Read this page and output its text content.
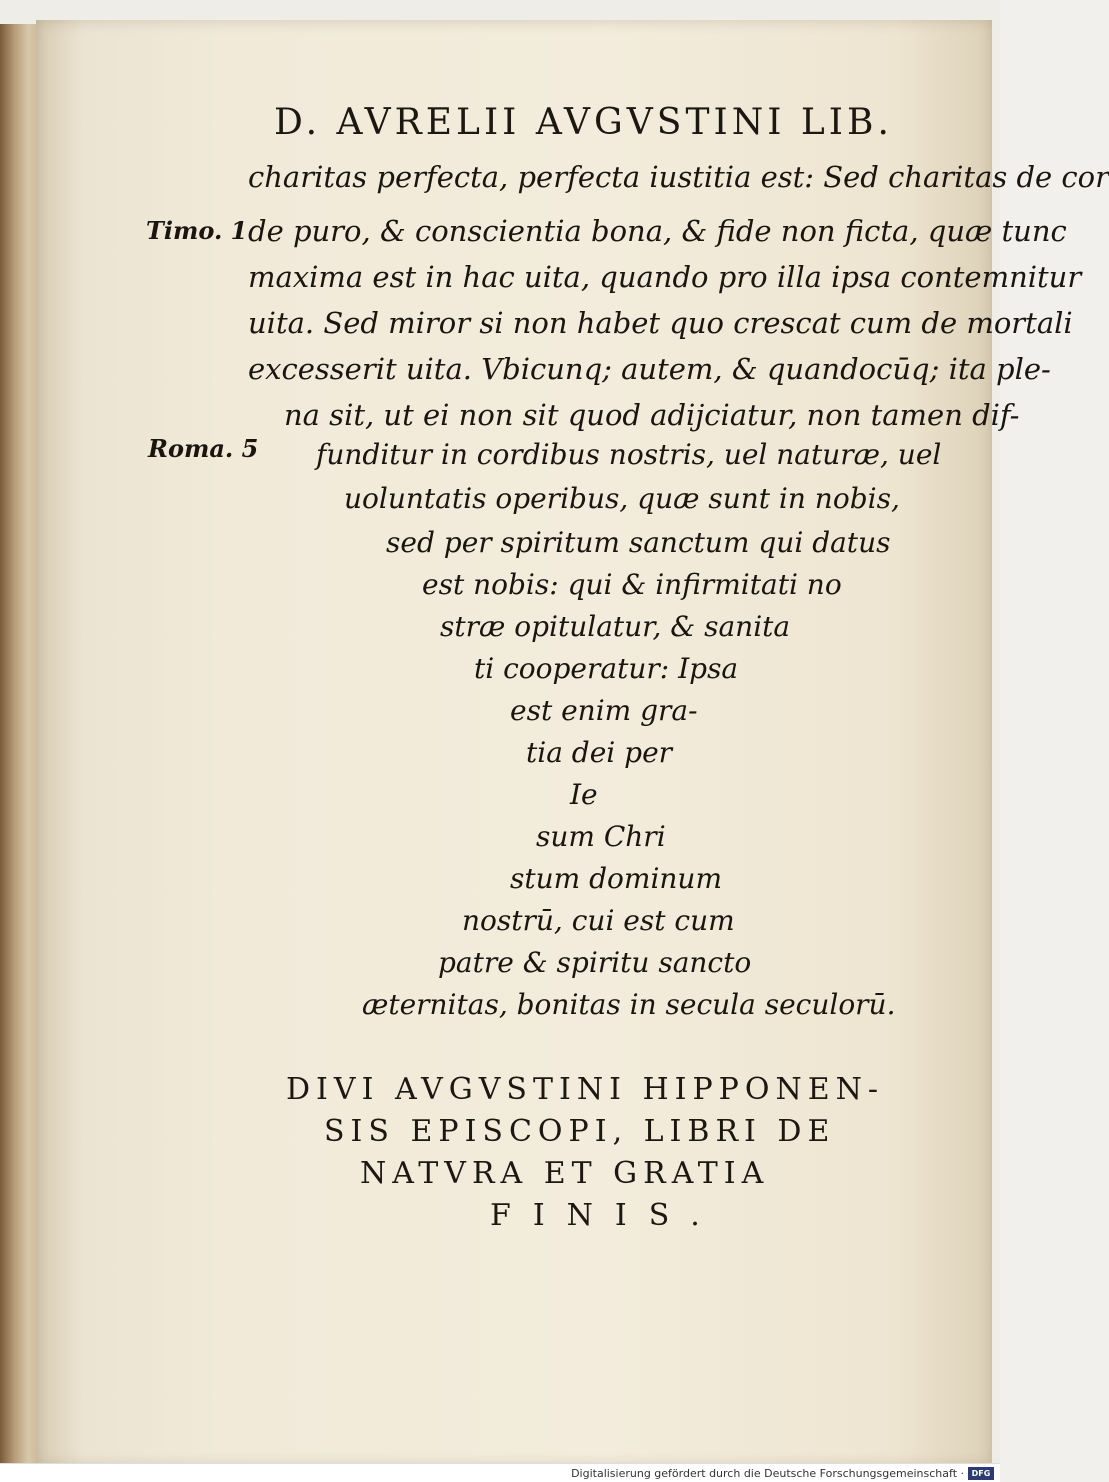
D. AVRELII AVGVSTINI LIB.
Timo. 1
Roma. 5
charitas perfecta, perfecta iustitia est: Sed charitas de cor
de puro, & conscientia bona, & fide non ficta, quæ tunc
maxima est in hac uita, quando pro illa ipsa contemnitur
uita. Sed miror si non habet quo crescat cum de mortali
excesserit uita. Vbicunq; autem, & quandocūq; ita ple-
na sit, ut ei non sit quod adijciatur, non tamen dif-
funditur in cordibus nostris, uel naturæ, uel
uoluntatis operibus, quæ sunt in nobis,
sed per spiritum sanctum qui datus
est nobis: qui & infirmitati no
stræ opitulatur, & sanita
ti cooperatur: Ipsa
est enim gra-
tia dei per
Ie
sum Chri
stum dominum
nostrū, cui est cum
patre & spiritu sancto
æternitas, bonitas in secula seculorū.
DIVI AVGVSTINI HIPPONEN-
SIS EPISCOPI, LIBRI DE
NATVRA ET GRATIA
FINIS.
Digitalisierung gefördert durch die Deutsche Forschungsgemeinschaft · DFG
